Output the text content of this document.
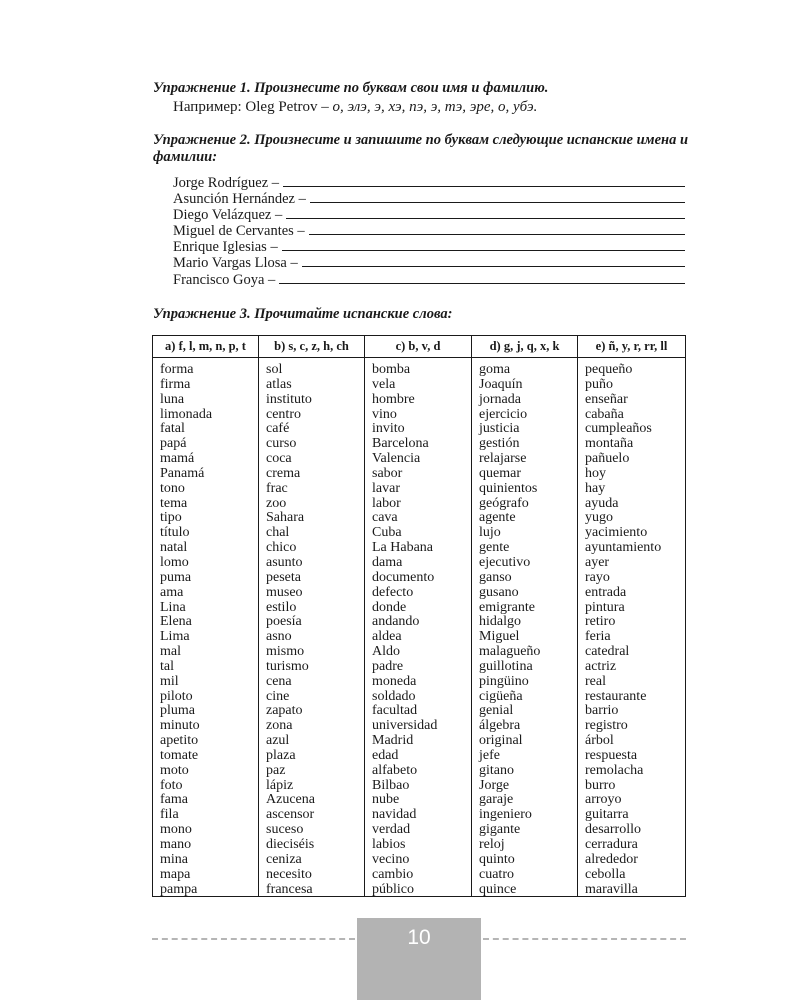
Упражнение 1. Произнесите по буквам свои имя и фамилию.
Например: Oleg Petrov – о, элэ, э, хэ, пэ, э, тэ, эре, о, убэ.
Упражнение 2. Произнесите и запишите по буквам следующие испанские имена и фамилии:
Jorge Rodríguez –
Asunción Hernández –
Diego Velázquez –
Miguel de Cervantes –
Enrique Iglesias –
Mario Vargas Llosa –
Francisco Goya –
Упражнение 3. Прочитайте испанские слова:
a) f, l, m, n, p, t
forma
firma
luna
limonada
fatal
papá
mamá
Panamá
tono
tema
tipo
título
natal
lomo
puma
ama
Lina
Elena
Lima
mal
tal
mil
piloto
pluma
minuto
apetito
tomate
moto
foto
fama
fila
mono
mano
mina
mapa
pampa
b) s, c, z, h, ch
sol
atlas
instituto
centro
café
curso
coca
crema
frac
zoo
Sahara
chal
chico
asunto
peseta
museo
estilo
poesía
asno
mismo
turismo
cena
cine
zapato
zona
azul
plaza
paz
lápiz
Azucena
ascensor
suceso
dieciséis
ceniza
necesito
francesa
c) b, v, d
bomba
vela
hombre
vino
invito
Barcelona
Valencia
sabor
lavar
labor
cava
Cuba
La Habana
dama
documento
defecto
donde
andando
aldea
Aldo
padre
moneda
soldado
facultad
universidad
Madrid
edad
alfabeto
Bilbao
nube
navidad
verdad
labios
vecino
cambio
público
d) g, j, q, x, k
goma
Joaquín
jornada
ejercicio
justicia
gestión
relajarse
quemar
quinientos
geógrafo
agente
lujo
gente
ejecutivo
ganso
gusano
emigrante
hidalgo
Miguel
malagueño
guillotina
pingüino
cigüeña
genial
álgebra
original
jefe
gitano
Jorge
garaje
ingeniero
gigante
reloj
quinto
cuatro
quince
e) ñ, y, r, rr, ll
pequeño
puño
enseñar
cabaña
cumpleaños
montaña
pañuelo
hoy
hay
ayuda
yugo
yacimiento
ayuntamiento
ayer
rayo
entrada
pintura
retiro
feria
catedral
actriz
real
restaurante
barrio
registro
árbol
respuesta
remolacha
burro
arroyo
guitarra
desarrollo
cerradura
alrededor
cebolla
maravilla
10
